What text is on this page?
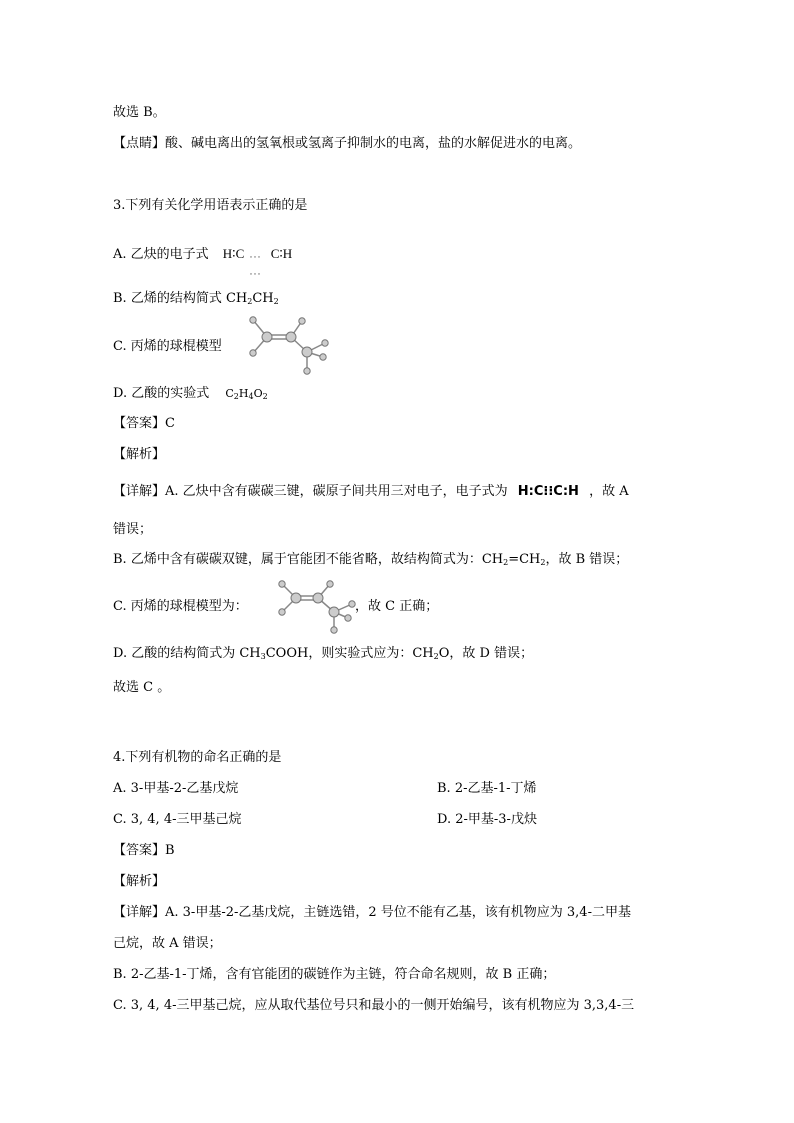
故选 B。
【点睛】酸、碱电离出的氢氧根或氢离子抑制水的电离，盐的水解促进水的电离。
3.下列有关化学用语表示正确的是
A. 乙炔的电子式 H∶C ···
···
C∶H
B. 乙烯的结构简式 $CH_2CH_2$
C. 丙烯的球棍模型
D. 乙酸的实验式 $C_2H_4O_2$
【答案】C
【解析】
【详解】A. 乙炔中含有碳碳三键，碳原子间共用三对电子，电子式为 H:C⁝⁝C:H ，故 A
错误；
B. 乙烯中含有碳碳双键，属于官能团不能省略，故结构简式为：$CH_2=CH_2$，故 B 错误；
C. 丙烯的球棍模型为：	，故 C 正确；
D. 乙酸的结构简式为 $CH_3COOH$，则实验式应为：$CH_2O$，故 D 错误；
故选 C 。
4.下列有机物的命名正确的是
A. 3-甲基-2-乙基戊烷	B. 2-乙基-1-丁烯
C. 3, 4, 4-三甲基己烷	D. 2-甲基-3-戊炔
【答案】B
【解析】
【详解】A. 3-甲基-2-乙基戊烷，主链选错，2 号位不能有乙基，该有机物应为 3,4-二甲基
己烷，故 A 错误；
B. 2-乙基-1-丁烯，含有官能团的碳链作为主链，符合命名规则，故 B 正确；
C. 3, 4, 4-三甲基己烷，应从取代基位号只和最小的一侧开始编号，该有机物应为 3,3,4-三
